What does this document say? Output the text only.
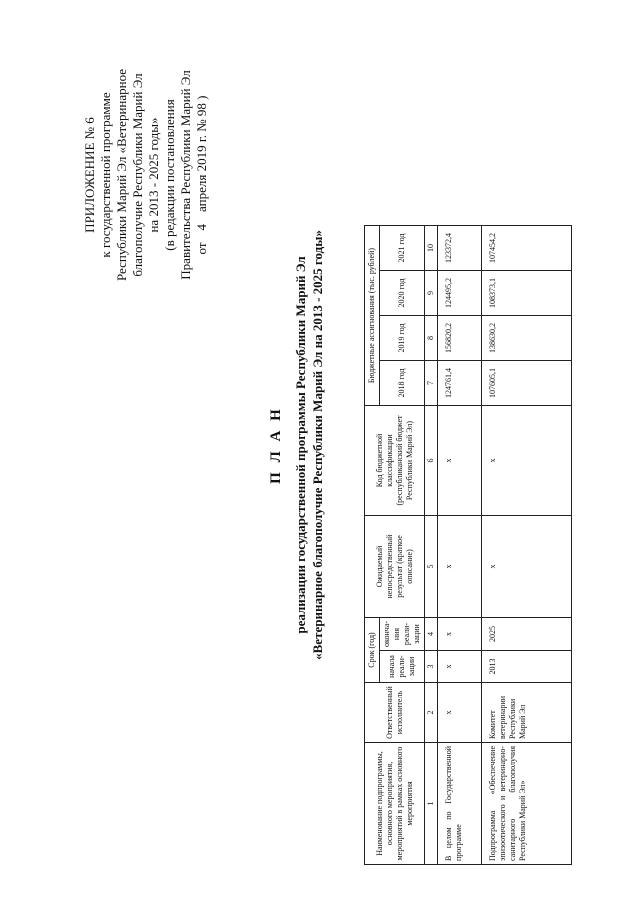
ПРИЛОЖЕНИЕ № 6 к государственной программе Республики Марий Эл «Ветеринарное благополучие Республики Марий Эл на 2013 - 2025 годы» (в редакции постановления Правительства Республики Марий Эл от4апреля 2019 г. № 98 )
П Л А Н реализации государственной программы Республики Марий Эл «Ветеринарное благополучие Республики Марий Эл на 2013 - 2025 годы»
Наименование подпрограммы, основного мероприятия, мероприятий в рамках основного мероприятия	Ответственный исполнитель	Срок (год)		Ожидаемый непосредственный результат (краткое описание)	Код бюджетной классификации (республиканский бюджет Республики Марий Эл)	Бюджетные ассигнования (тыс. рублей)			
		начала реали-зации	оконча-ния реали-зации			2018 год	2019 год	2020 год	2021 год

1	2	3	4	5	6	7	8	9	10
В целом по Государственной программе	x	x	x	x	x	124761,4	156820,2	124495,2	123372,4
Подпрограмма «Обеспечение эпизоотического и ветеринарно-санитарного благополучия Республики Марий Эл»	Комитет ветеринарии Республики Марий Эл	2013	2025	x	x	107605,1	138630,2	108373,1	107454,2
